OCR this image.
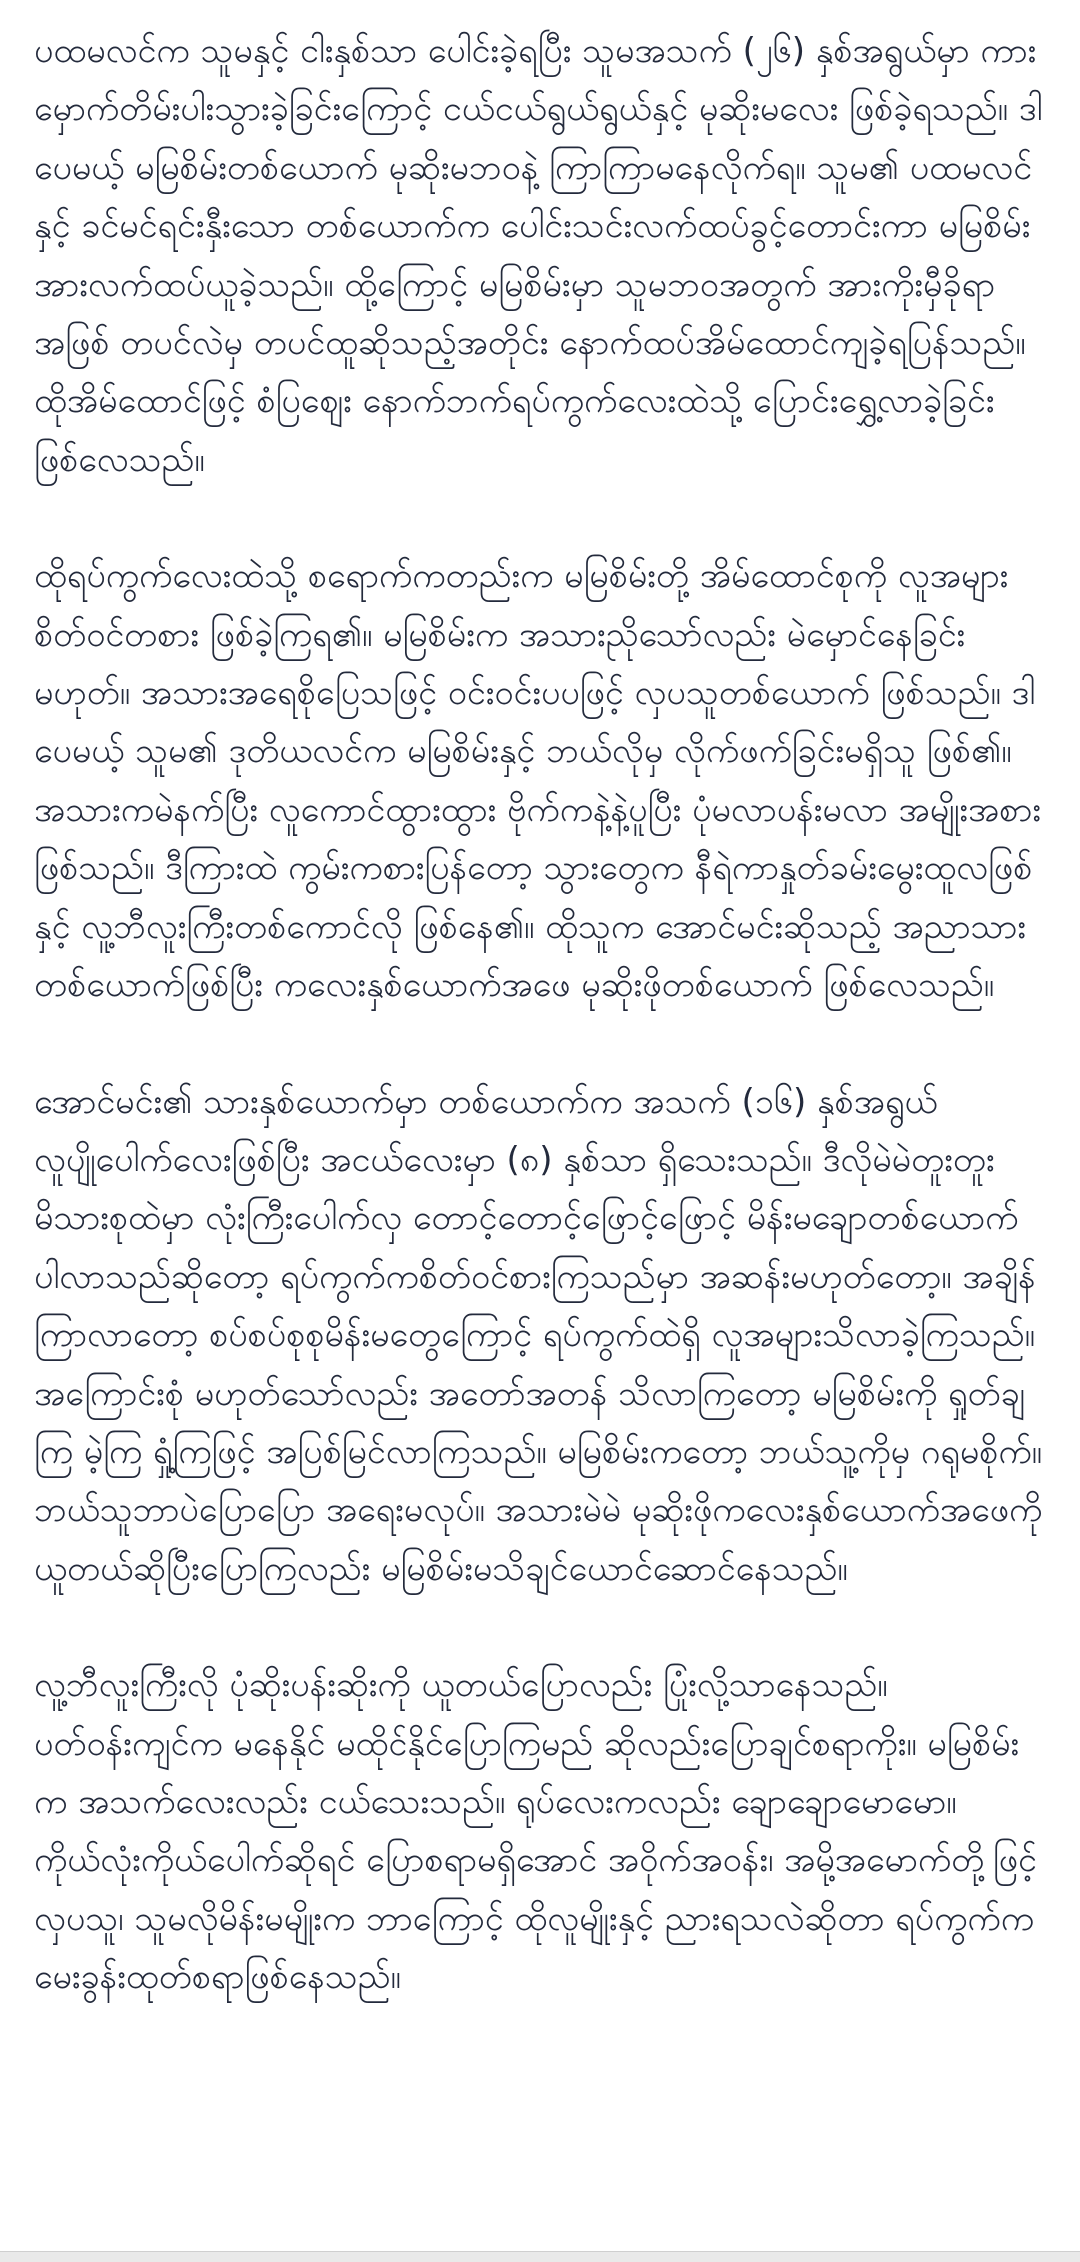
ပထမလင်က သူမနှင့် ငါးနှစ်သာ ပေါင်းခဲ့ရပြီး သူမအသက် (၂၆) နှစ်အရွယ်မှာ ကားမှောက်တိမ်းပါးသွားခဲ့ခြင်းကြောင့် ငယ်ငယ်ရွယ်ရွယ်နှင့် မုဆိုးမလေး ဖြစ်ခဲ့ရသည်။ ဒါပေမယ့် မမြစိမ်းတစ်ယောက် မုဆိုးမဘဝနဲ့ ကြာကြာမနေလိုက်ရ။ သူမ၏ ပထမလင်နှင့် ခင်မင်ရင်းနှီးသော တစ်ယောက်က ပေါင်းသင်းလက်ထပ်ခွင့်တောင်းကာ မမြစိမ်းအားလက်ထပ်ယူခဲ့သည်။ ထို့ကြောင့် မမြစိမ်းမှာ သူမဘဝအတွက် အားကိုးမှီခိုရာအဖြစ် တပင်လဲမှ တပင်ထူဆိုသည့်အတိုင်း နောက်ထပ်အိမ်ထောင်ကျခဲ့ရပြန်သည်။ ထိုအိမ်ထောင်ဖြင့် စံပြဈေး နောက်ဘက်ရပ်ကွက်လေးထဲသို့ ပြောင်းရွှေ့လာခဲ့ခြင်း ဖြစ်လေသည်။

ထိုရပ်ကွက်လေးထဲသို့ စရောက်ကတည်းက မမြစိမ်းတို့ အိမ်ထောင်စုကို လူအများ စိတ်ဝင်တစား ဖြစ်ခဲ့ကြရ၏။ မမြစိမ်းက အသားညိုသော်လည်း မဲမှောင်နေခြင်း မဟုတ်။ အသားအရေစိုပြေသဖြင့် ဝင်းဝင်းပပဖြင့် လှပသူတစ်ယောက် ဖြစ်သည်။ ဒါပေမယ့် သူမ၏ ဒုတိယလင်က မမြစိမ်းနှင့် ဘယ်လိုမှ လိုက်ဖက်ခြင်းမရှိသူ ဖြစ်၏။ အသားကမဲနက်ပြီး လူကောင်ထွားထွား ဗိုက်ကနဲ့နဲ့ပူပြီး ပုံမလာပန်းမလာ အမျိုးအစားဖြစ်သည်။ ဒီကြားထဲ ကွမ်းကစားပြန်တော့ သွားတွေက နီရဲကာနှုတ်ခမ်းမွေးထူလဖြစ်နှင့် လူ့ဘီလူးကြီးတစ်ကောင်လို ဖြစ်နေ၏။ ထိုသူက အောင်မင်းဆိုသည့် အညာသား တစ်ယောက်ဖြစ်ပြီး ကလေးနှစ်ယောက်အဖေ မုဆိုးဖိုတစ်ယောက် ဖြစ်လေသည်။

အောင်မင်း၏ သားနှစ်ယောက်မှာ တစ်ယောက်က အသက် (၁၆) နှစ်အရွယ် လူပျိုပေါက်လေးဖြစ်ပြီး အငယ်လေးမှာ (၈) နှစ်သာ ရှိသေးသည်။ ဒီလိုမဲမဲတူးတူး မိသားစုထဲမှာ လုံးကြီးပေါက်လှ တောင့်တောင့်ဖြောင့်ဖြောင့် မိန်းမချောတစ်ယောက် ပါလာသည်ဆိုတော့ ရပ်ကွက်ကစိတ်ဝင်စားကြသည်မှာ အဆန်းမဟုတ်တော့။ အချိန်ကြာလာတော့ စပ်စပ်စုစုမိန်းမတွေကြောင့် ရပ်ကွက်ထဲရှိ လူအများသိလာခဲ့ကြသည်။ အကြောင်းစုံ မဟုတ်သော်လည်း အတော်အတန် သိလာကြတော့ မမြစိမ်းကို ရှုတ်ချကြ မဲ့ကြ ရှုံ့ကြဖြင့် အပြစ်မြင်လာကြသည်။ မမြစိမ်းကတော့ ဘယ်သူ့ကိုမှ ဂရုမစိုက်။ ဘယ်သူဘာပဲပြောပြော အရေးမလုပ်။ အသားမဲမဲ မုဆိုးဖိုကလေးနှစ်ယောက်အဖေကို ယူတယ်ဆိုပြီးပြောကြလည်း မမြစိမ်းမသိချင်ယောင်ဆောင်နေသည်။

လူ့ဘီလူးကြီးလို ပုံဆိုးပန်းဆိုးကို ယူတယ်ပြောလည်း ပြုံးလို့သာနေသည်။ ပတ်ဝန်းကျင်က မနေနိုင် မထိုင်နိုင်ပြောကြမည် ဆိုလည်းပြောချင်စရာကိုး။ မမြစိမ်းက အသက်လေးလည်း ငယ်သေးသည်။ ရုပ်လေးကလည်း ချောချောမောမော။ ကိုယ်လုံးကိုယ်ပေါက်ဆိုရင် ပြောစရာမရှိအောင် အဝိုက်အဝန်း၊ အမို့အမောက်တို့ဖြင့် လှပသူ၊ သူမလိုမိန်းမမျိုးက ဘာကြောင့် ထိုလူမျိုးနှင့် ညားရသလဲဆိုတာ ရပ်ကွက်က မေးခွန်းထုတ်စရာဖြစ်နေသည်။
